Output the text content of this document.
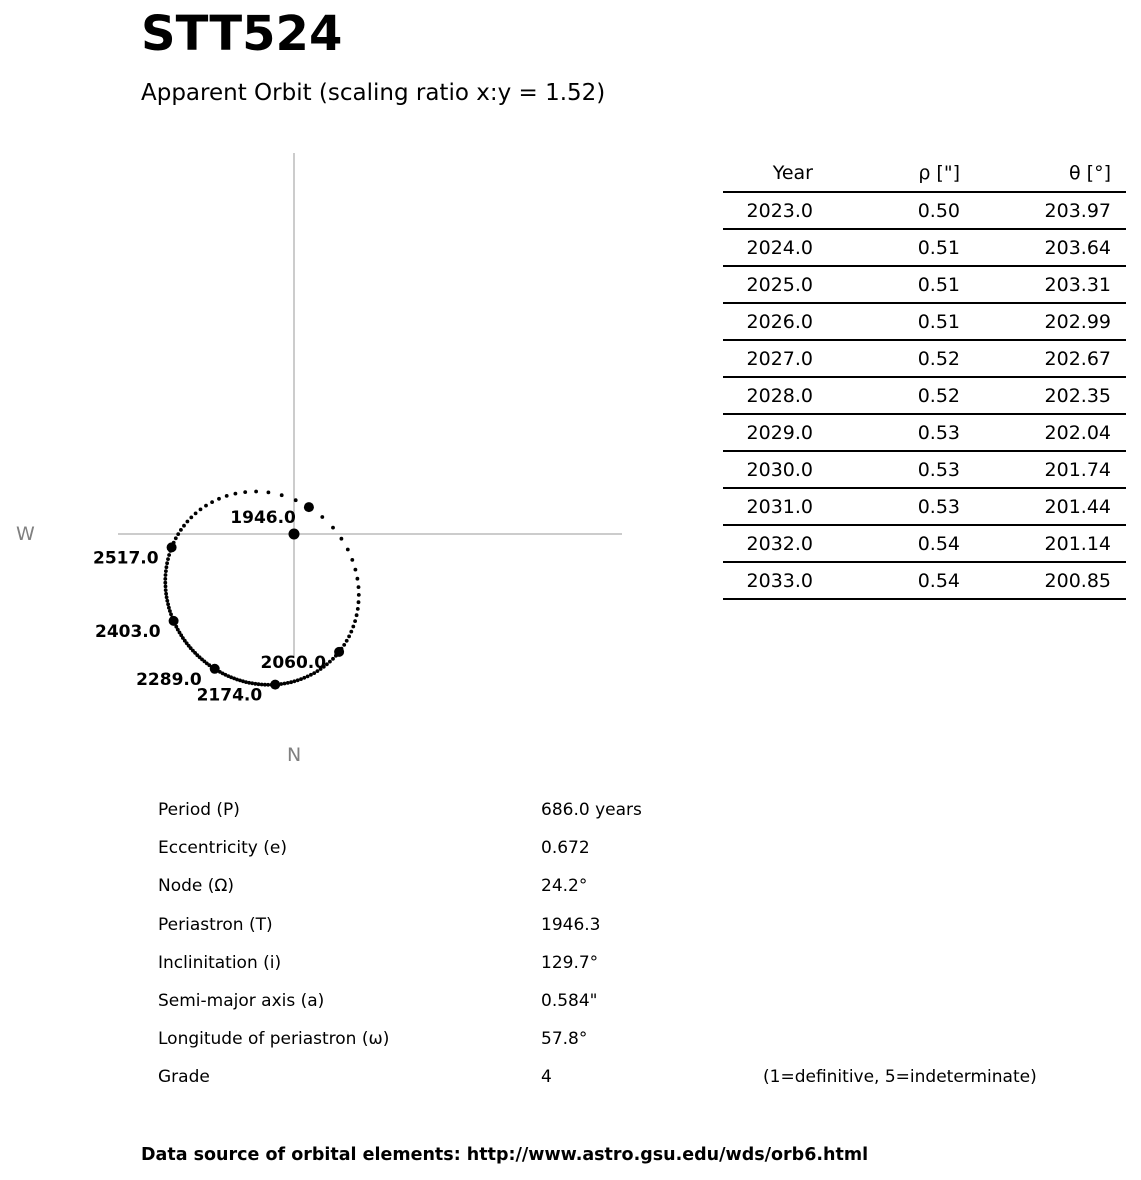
STT524
Apparent Orbit (scaling ratio x:y = 1.52)
W
N
1946.0
2060.0
2174.0
2289.0
2403.0
2517.0
Year	ρ ["]	θ [°]
2023.0	0.50	203.97
2024.0	0.51	203.64
2025.0	0.51	203.31
2026.0	0.51	202.99
2027.0	0.52	202.67
2028.0	0.52	202.35
2029.0	0.53	202.04
2030.0	0.53	201.74
2031.0	0.53	201.44
2032.0	0.54	201.14
2033.0	0.54	200.85
Period (P)	686.0 years
Eccentricity (e)	0.672
Node (Ω)	24.2°
Periastron (T)	1946.3
Inclinitation (i)	129.7°
Semi-major axis (a)	0.584"
Longitude of periastron (ω)	57.8°
Grade	4	(1=definitive, 5=indeterminate)
Data source of orbital elements: http://www.astro.gsu.edu/wds/orb6.html
